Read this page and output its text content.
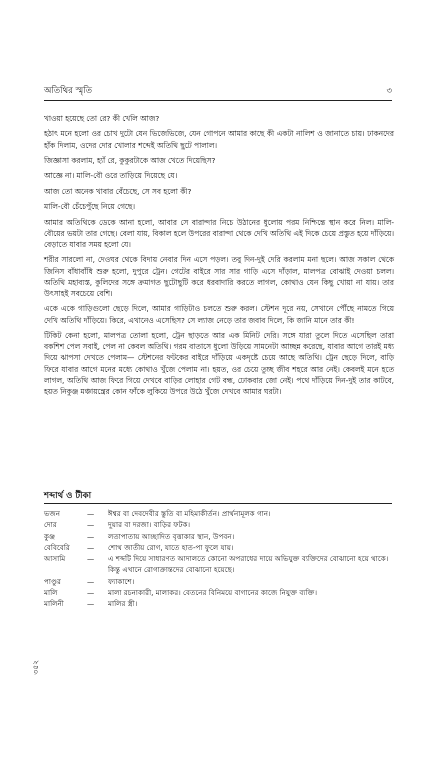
অতিথির স্মৃতি	৩

খাওয়া হয়েছে তো রে? কী খেলি আজ?

হঠাৎ মনে হলো ওর চোখ দুটো যেন ভিজেভিজে, যেন গোপনে আমার কাছে কী একটা নালিশ ও জানাতে চায়। ঢাকনদের হাঁক দিলাম, ওদের দোর খোলার শব্দেই অতিথি ছুটে পালাল।

জিজ্ঞাসা করলাম, হ্যাঁ রে, কুকুরটাকে আজ খেতে দিয়েছিস?

আজ্ঞে না। মালি-বৌ ওরে তাড়িয়ে দিয়েছে যে।

আজ তো অনেক খাবার বেঁচেছে, সে সব হলো কী?

মালি-বৌ চেঁচেপুঁছে নিয়ে গেছে।

আমার অতিথিকে ডেকে আনা হলো, আবার সে বারান্দার নিচে উঠানের ধুলোয় পরম নিশ্চিন্তে স্থান করে নিল। মালি-বৌয়ের ভয়টা তার গেছে। বেলা যায়, বিকাল হলে উপরের বারান্দা থেকে দেখি অতিথি এই দিকে চেয়ে প্রস্তুত হয়ে দাঁড়িয়ে। বেড়াতে যাবার সময় হলো যে।

শরীর সারলো না, দেওঘর থেকে বিদায় নেবার দিন এসে পড়ল। তবু দিন-দুই দেরি করলাম মনা ছলে। আজ সকাল থেকে জিনিস বাঁধাবাঁধি শুরু হলো, দুপুরে ট্রেন। গেটের বাইরে সার সার গাড়ি এসে দাঁড়াল, মালপত্র বোঝাই দেওয়া চলল। অতিথি মহাব্যস্ত, কুলিদের সঙ্গে ক্রমাগত ছুটোছুটি করে ধরবাদারি করতে লাগল, কোথাও যেন কিছু খোয়া না যায়। তার উৎসাহই সবচেয়ে বেশি।

একে একে গাড়িগুলো ছেড়ে দিলে, আমার গাড়িটাও চলতে শুরু করল। স্টেশন দূরে নয়, সেখানে পৌঁছে নামতে গিয়ে দেখি অতিথি দাঁড়িয়ে। কিরে, এখানেও এসেছিস? সে ল্যাজ নেড়ে তার জবাব দিলে, কি জানি মানে তার কী!

টিকিট কেনা হলো, মালপত্র তোলা হলো, ট্রেন ছাড়তে আর এক মিনিট দেরি। সঙ্গে যারা তুলে দিতে এসেছিল তারা বকশিশ পেল সবাই, পেল না কেবল অতিথি। গরম বাতাসে ধুলো উড়িয়ে সামনেটা আচ্ছন্ন করেছে, যাবার আগে তারই মধ্য দিয়ে ঝাপসা দেখতে পেলাম— স্টেশনের ফটকের বাইরে দাঁড়িয়ে একদৃষ্টে চেয়ে আছে অতিথি। ট্রেন ছেড়ে দিলে, বাড়ি ফিরে যাবার আগে মনের মধ্যে কোথাও খুঁজে পেলাম না। হয়ত, ওর চেয়ে তুচ্ছ জীব শহরে আর নেই। কেবলই মনে হতে লাগল, অতিথি আজ ফিরে গিয়ে দেখবে বাড়ির লোহার গেট বন্ধ, ঢোকবার জো নেই। পথে দাঁড়িয়ে দিন-দুই তার কাটবে, হয়ত নিকুঞ্জ মঞ্চায়ন্ত্রের কোন ফাঁকে লুকিয়ে উপরে উঠে খুঁজে দেখবে আমার ঘরটা।

শব্দার্থ ও টীকা
ভজন	—	ঈশ্বর বা দেবদেবীর স্তুতি বা মহিমাকীর্তন। প্রার্থনামূলক গান।
দোর	—	দুয়ার বা দরজা। বাড়ির ফটক।
কুঞ্জ	—	লতাপাতায় আচ্ছাদিত বৃত্তাকার স্থান, উপবন।
বেবিবেরি	—	শোথ জাতীয় রোগ, যাতে হাত-পা ফুলে যায়।
আসামি	—	এ শব্দটি দিয়ে সাধারণত আদালতে কোনো অপরাধের দায়ে অভিযুক্ত ব্যক্তিদের বোঝানো হয়ে থাকে। কিন্তু এখানে রোগাক্রান্তদের বোঝানো হয়েছে।
পাণ্ডুর	—	ফ্যাকাশে।
মালি	—	মালা রচনাকারী, মালাকর। বেতনের বিনিময়ে বাগানের কাজে নিযুক্ত ব্যক্তি।
মালিনী	—	মালির স্ত্রী।
৩৫২
